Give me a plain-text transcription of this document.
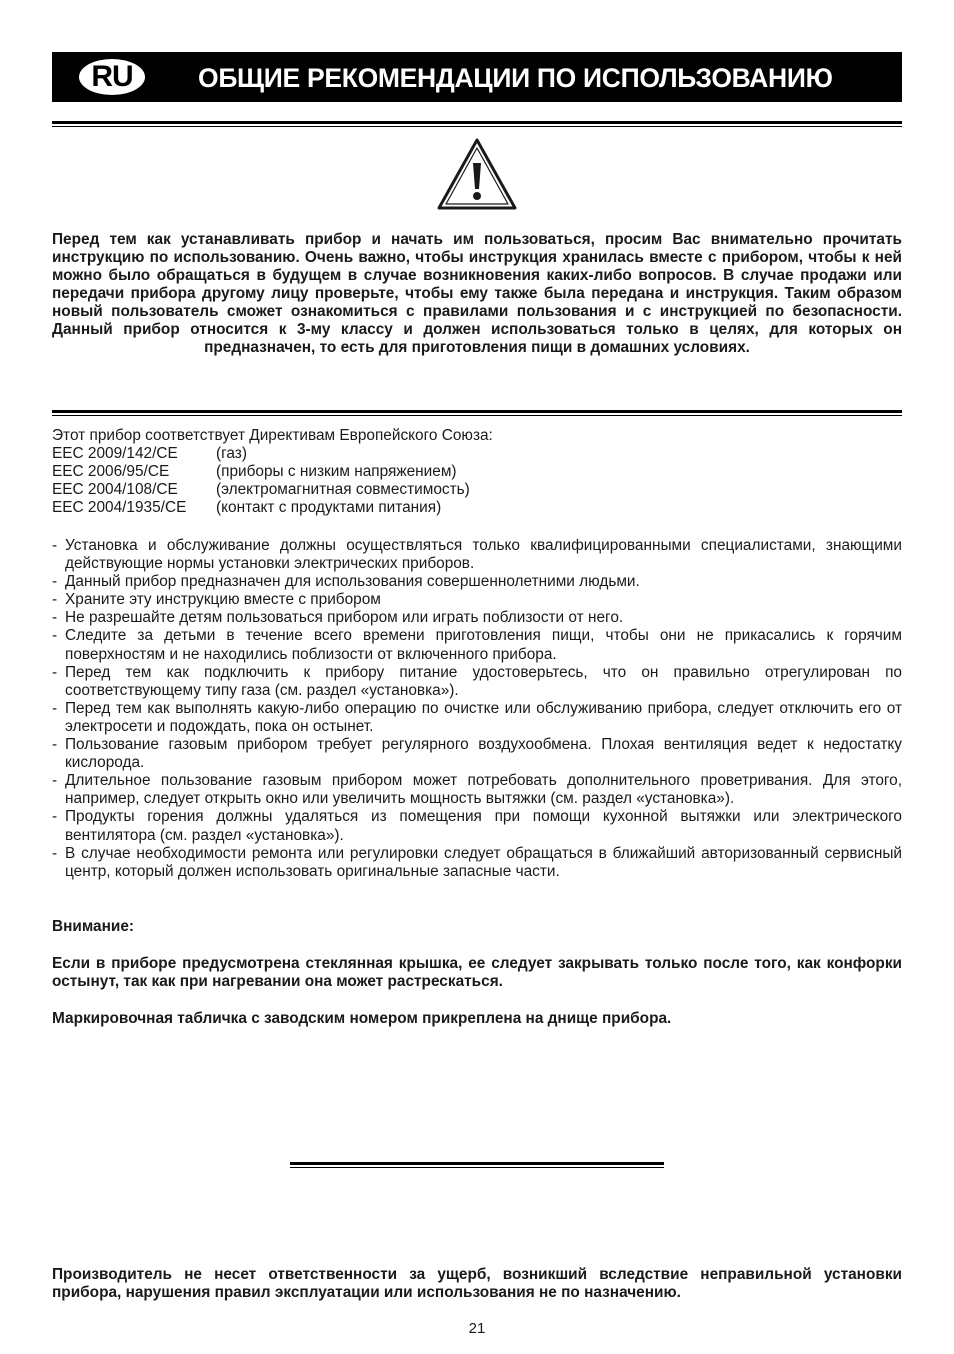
RU	ОБЩИЕ РЕКОМЕНДАЦИИ ПО ИСПОЛЬЗОВАНИЮ
Перед тем как устанавливать прибор и начать им пользоваться, просим Вас внимательно прочитать инструкцию по использованию. Очень важно, чтобы инструкция хранилась вместе с прибором, чтобы к ней можно было обращаться в будущем в случае возникновения каких-либо вопросов. В случае продажи или передачи прибора другому лицу проверьте, чтобы ему также была передана и инструкция. Таким образом новый пользователь сможет ознакомиться с правилами пользования и с инструкцией по безопасности. Данный прибор относится к 3-му классу и должен использоваться только в целях, для которых он предназначен, то есть для приготовления пищи в домашних условиях.
Этот прибор соответствует Директивам Европейского Союза:
EEC 2009/142/CE	(газ)
EEC 2006/95/CE	(приборы с низким напряжением)
EEC 2004/108/CE	(электромагнитная совместимость)
EEC 2004/1935/CE	(контакт с продуктами питания)
- Установка и обслуживание должны осуществляться только квалифицированными специалистами, знающими действующие нормы установки электрических приборов.
- Данный прибор предназначен для использования совершеннолетними людьми.
- Храните эту инструкцию вместе с прибором
- Не разрешайте детям пользоваться прибором или играть поблизости от него.
- Следите за детьми в течение всего времени приготовления пищи, чтобы они не прикасались к горячим поверхностям и не находились поблизости от включенного прибора.
- Перед тем как подключить к прибору питание удостоверьтесь, что он правильно отрегулирован по соответствующему типу газа (см. раздел «установка»).
- Перед тем как выполнять какую-либо операцию по очистке или обслуживанию прибора, следует отключить его от электросети и подождать, пока он остынет.
- Пользование газовым прибором требует регулярного воздухообмена. Плохая вентиляция ведет к недостатку кислорода.
- Длительное пользование газовым прибором может потребовать дополнительного проветривания. Для этого, например, следует открыть окно или увеличить мощность вытяжки (см. раздел «установка»).
- Продукты горения должны удаляться из помещения при помощи кухонной вытяжки или электрического вентилятора (см. раздел «установка»).
- В случае необходимости ремонта или регулировки следует обращаться в ближайший авторизованный сервисный центр, который должен использовать оригинальные запасные части.
Внимание:
Если в приборе предусмотрена стеклянная крышка, ее следует закрывать только после того, как конфорки остынут, так как при нагревании она может растрескаться.
Маркировочная табличка с заводским номером прикреплена на днище прибора.
Производитель не несет ответственности за ущерб, возникший вследствие неправильной установки прибора, нарушения правил эксплуатации или использования не по назначению.
21
